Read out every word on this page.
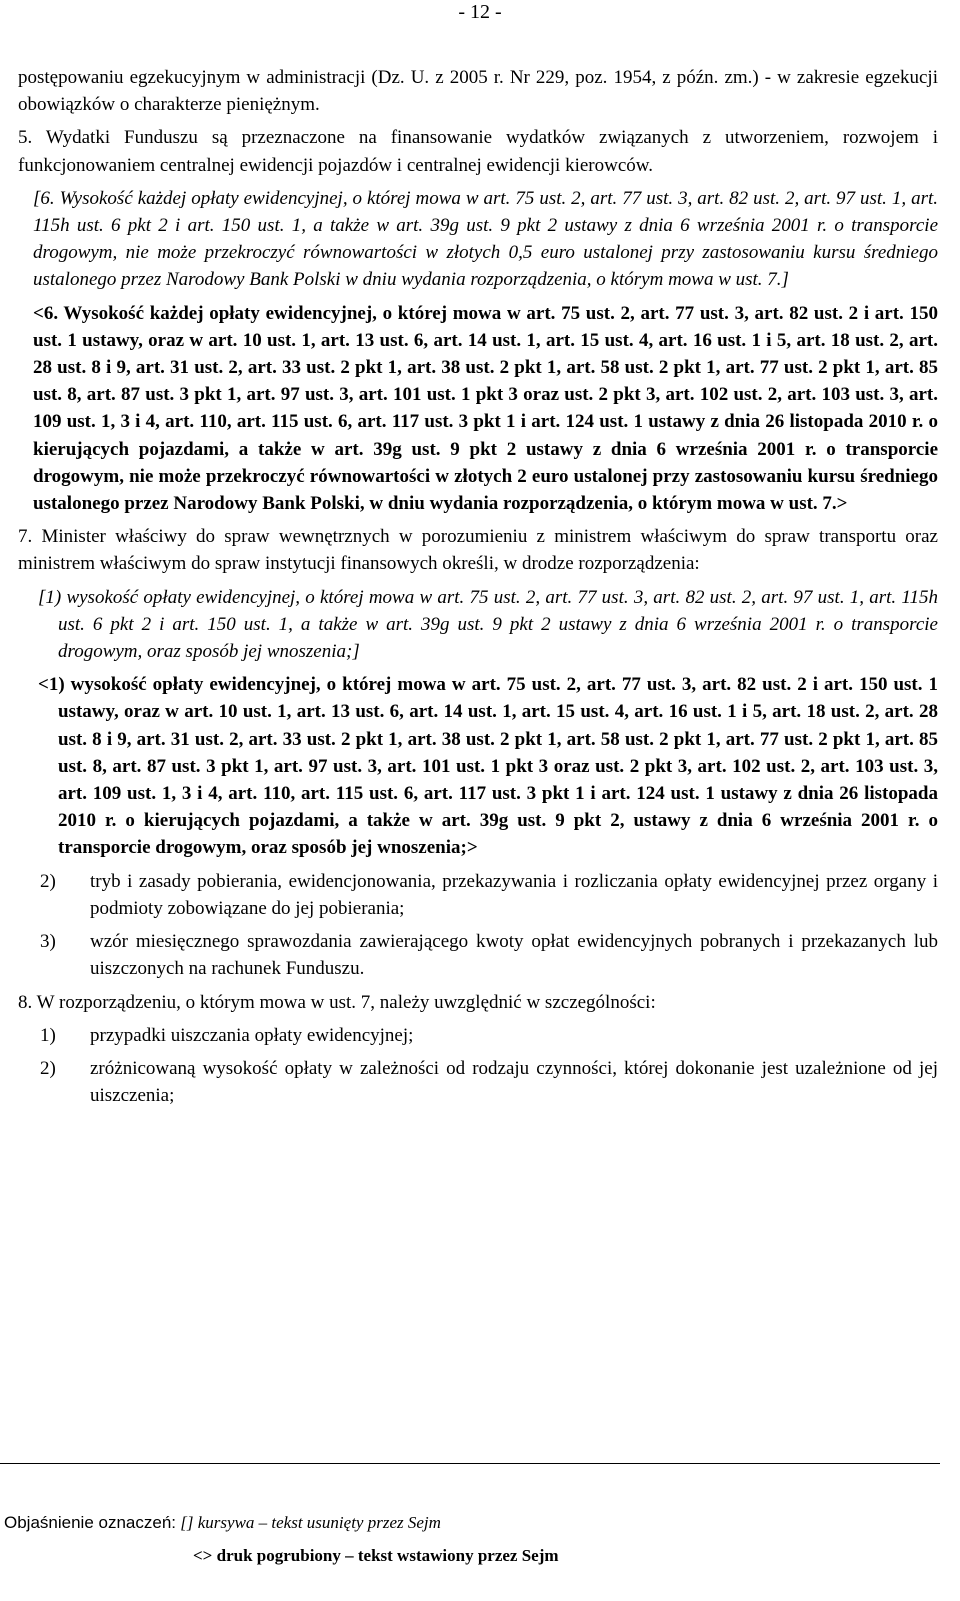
- 12 -

postępowaniu egzekucyjnym w administracji (Dz. U. z 2005 r. Nr 229, poz. 1954, z późn. zm.) - w zakresie egzekucji obowiązków o charakterze pieniężnym.

5. Wydatki Funduszu są przeznaczone na finansowanie wydatków związanych z utworzeniem, rozwojem i funkcjonowaniem centralnej ewidencji pojazdów i centralnej ewidencji kierowców.

[6. Wysokość każdej opłaty ewidencyjnej, o której mowa w art. 75 ust. 2, art. 77 ust. 3, art. 82 ust. 2, art. 97 ust. 1, art. 115h ust. 6 pkt 2 i art. 150 ust. 1, a także w art. 39g ust. 9 pkt 2 ustawy z dnia 6 września 2001 r. o transporcie drogowym, nie może przekroczyć równowartości w złotych 0,5 euro ustalonej przy zastosowaniu kursu średniego ustalonego przez Narodowy Bank Polski w dniu wydania rozporządzenia, o którym mowa w ust. 7.]

<6. Wysokość każdej opłaty ewidencyjnej, o której mowa w art. 75 ust. 2, art. 77 ust. 3, art. 82 ust. 2 i art. 150 ust. 1 ustawy, oraz w art. 10 ust. 1, art. 13 ust. 6, art. 14 ust. 1, art. 15 ust. 4, art. 16 ust. 1 i 5, art. 18 ust. 2, art. 28 ust. 8 i 9, art. 31 ust. 2, art. 33 ust. 2 pkt 1, art. 38 ust. 2 pkt 1, art. 58 ust. 2 pkt 1, art. 77 ust. 2 pkt 1, art. 85 ust. 8, art. 87 ust. 3 pkt 1, art. 97 ust. 3, art. 101 ust. 1 pkt 3 oraz ust. 2 pkt 3, art. 102 ust. 2, art. 103 ust. 3, art. 109 ust. 1, 3 i 4, art. 110, art. 115 ust. 6, art. 117 ust. 3 pkt 1 i art. 124 ust. 1 ustawy z dnia 26 listopada 2010 r. o kierujących pojazdami, a także w art. 39g ust. 9 pkt 2 ustawy z dnia 6 września 2001 r. o transporcie drogowym, nie może przekroczyć równowartości w złotych 2 euro ustalonej przy zastosowaniu kursu średniego ustalonego przez Narodowy Bank Polski, w dniu wydania rozporządzenia, o którym mowa w ust. 7.>

7. Minister właściwy do spraw wewnętrznych w porozumieniu z ministrem właściwym do spraw transportu oraz ministrem właściwym do spraw instytucji finansowych określi, w drodze rozporządzenia:

[1) wysokość opłaty ewidencyjnej, o której mowa w art. 75 ust. 2, art. 77 ust. 3, art. 82 ust. 2, art. 97 ust. 1, art. 115h ust. 6 pkt 2 i art. 150 ust. 1, a także w art. 39g ust. 9 pkt 2 ustawy z dnia 6 września 2001 r. o transporcie drogowym, oraz sposób jej wnoszenia;]

<1) wysokość opłaty ewidencyjnej, o której mowa w art. 75 ust. 2, art. 77 ust. 3, art. 82 ust. 2 i art. 150 ust. 1 ustawy, oraz w art. 10 ust. 1, art. 13 ust. 6, art. 14 ust. 1, art. 15 ust. 4, art. 16 ust. 1 i 5, art. 18 ust. 2, art. 28 ust. 8 i 9, art. 31 ust. 2, art. 33 ust. 2 pkt 1, art. 38 ust. 2 pkt 1, art. 58 ust. 2 pkt 1, art. 77 ust. 2 pkt 1, art. 85 ust. 8, art. 87 ust. 3 pkt 1, art. 97 ust. 3, art. 101 ust. 1 pkt 3 oraz ust. 2 pkt 3, art. 102 ust. 2, art. 103 ust. 3, art. 109 ust. 1, 3 i 4, art. 110, art. 115 ust. 6, art. 117 ust. 3 pkt 1 i art. 124 ust. 1 ustawy z dnia 26 listopada 2010 r. o kierujących pojazdami, a także w art. 39g ust. 9 pkt 2, ustawy z dnia 6 września 2001 r. o transporcie drogowym, oraz sposób jej wnoszenia;>

2) tryb i zasady pobierania, ewidencjonowania, przekazywania i rozliczania opłaty ewidencyjnej przez organy i podmioty zobowiązane do jej pobierania;
3) wzór miesięcznego sprawozdania zawierającego kwoty opłat ewidencyjnych pobranych i przekazanych lub uiszczonych na rachunek Funduszu.

8. W rozporządzeniu, o którym mowa w ust. 7, należy uwzględnić w szczególności:

1) przypadki uiszczania opłaty ewidencyjnej;
2) zróżnicowaną wysokość opłaty w zależności od rodzaju czynności, której dokonanie jest uzależnione od jej uiszczenia;
Objaśnienie oznaczeń: [] kursywa – tekst usunięty przez Sejm
<> druk pogrubiony – tekst wstawiony przez Sejm
